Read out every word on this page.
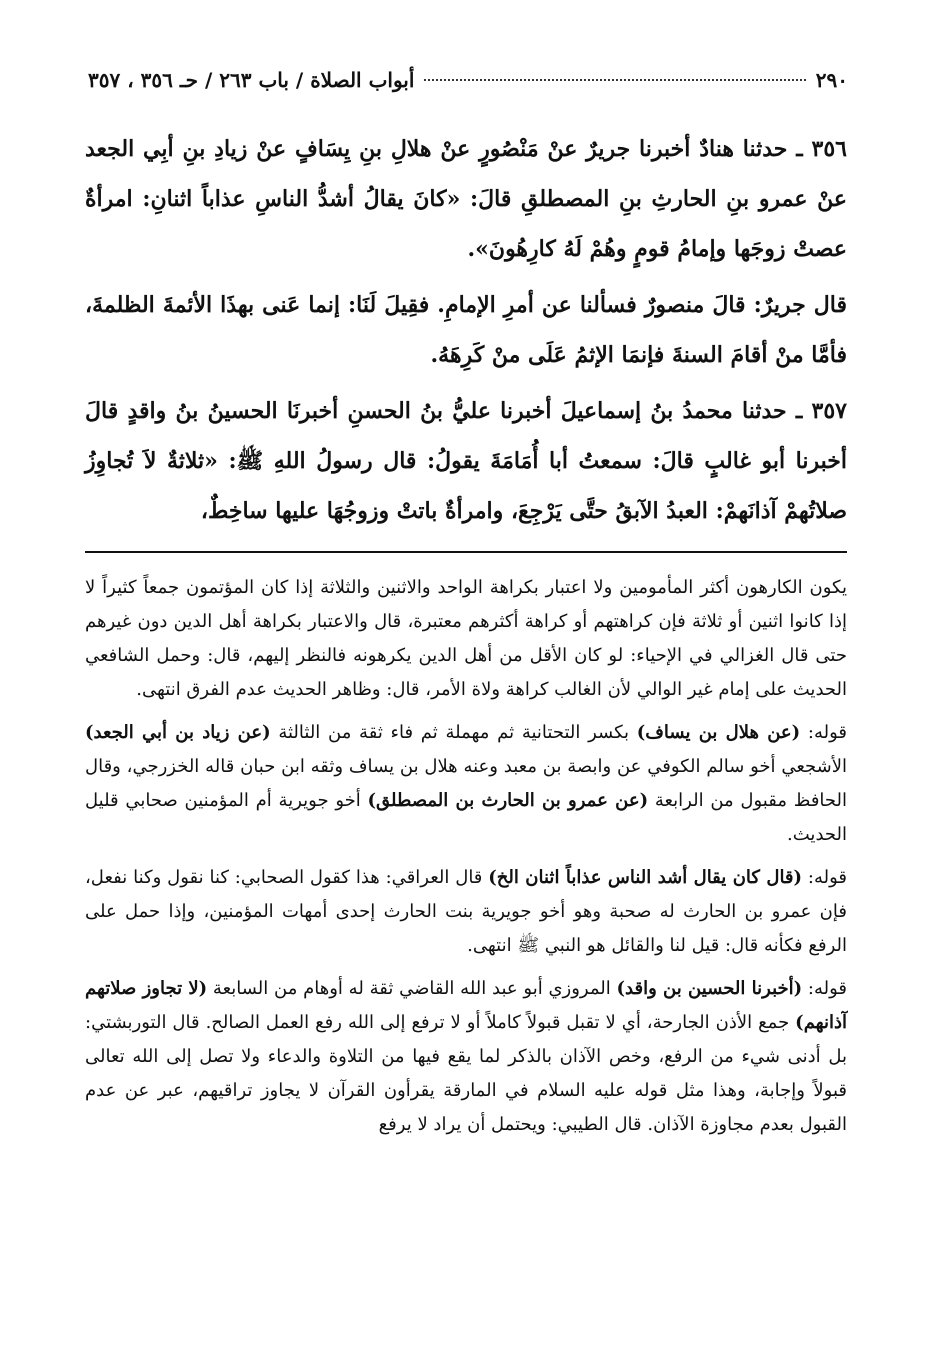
٢٩٠
أبواب الصلاة / باب ٢٦٣ / حـ ٣٥٦ ، ٣٥٧

٣٥٦ ـ حدثنا هنادٌ أخبرنا جريرٌ عنْ مَنْصُورٍ عنْ هلالِ بنِ يِسَافٍ عنْ زيادِ بنِ أبِي الجعد عنْ عمرو بنِ الحارثِ بنِ المصطلقِ قالَ: «كانَ يقالُ أشدُّ الناسِ عذاباً اثنانِ: امرأةٌ عصتْ زوجَها وإمامُ قومٍ وهُمْ لَهُ كارِهُونَ».

قال جريرٌ: قالَ منصورٌ فسألنا عن أمرِ الإمامِ. فقِيلَ لَنَا: إنما عَنى بهذَا الأئمةَ الظلمةَ، فأمَّا منْ أقامَ السنةَ فإنمَا الإثمُ عَلَى منْ كَرِهَهُ.

٣٥٧ ـ حدثنا محمدُ بنُ إسماعيلَ أخبرنا عليُّ بنُ الحسنِ أخبرنَا الحسينُ بنُ واقدٍ قالَ أخبرنا أبو غالبٍ قالَ: سمعتُ أبا أُمَامَةَ يقولُ: قال رسولُ اللهِ ﷺ: «ثلاثةٌ لاَ تُجاوِزُ صلاتُهمْ آذانَهمْ: العبدُ الآبقُ حتَّى يَرْجِعَ، وامرأةٌ باتتْ وزوجُهَا عليها ساخِطٌ،

يكون الكارهون أكثر المأمومين ولا اعتبار بكراهة الواحد والاثنين والثلاثة إذا كان المؤتمون جمعاً كثيراً لا إذا كانوا اثنين أو ثلاثة فإن كراهتهم أو كراهة أكثرهم معتبرة، قال والاعتبار بكراهة أهل الدين دون غيرهم حتى قال الغزالي في الإحياء: لو كان الأقل من أهل الدين يكرهونه فالنظر إليهم، قال: وحمل الشافعي الحديث على إمام غير الوالي لأن الغالب كراهة ولاة الأمر، قال: وظاهر الحديث عدم الفرق انتهى.

قوله: (عن هلال بن يساف) بكسر التحتانية ثم مهملة ثم فاء ثقة من الثالثة (عن زياد بن أبي الجعد) الأشجعي أخو سالم الكوفي عن وابصة بن معبد وعنه هلال بن يساف وثقه ابن حبان قاله الخزرجي، وقال الحافظ مقبول من الرابعة (عن عمرو بن الحارث بن المصطلق) أخو جويرية أم المؤمنين صحابي قليل الحديث.

قوله: (قال كان يقال أشد الناس عذاباً اثنان الخ) قال العراقي: هذا كقول الصحابي: كنا نقول وكنا نفعل، فإن عمرو بن الحارث له صحبة وهو أخو جويرية بنت الحارث إحدى أمهات المؤمنين، وإذا حمل على الرفع فكأنه قال: قيل لنا والقائل هو النبي ﷺ انتهى.

قوله: (أخبرنا الحسين بن واقد) المروزي أبو عبد الله القاضي ثقة له أوهام من السابعة (لا تجاوز صلاتهم آذانهم) جمع الأذن الجارحة، أي لا تقبل قبولاً كاملاً أو لا ترفع إلى الله رفع العمل الصالح. قال التوربشتي: بل أدنى شيء من الرفع، وخص الآذان بالذكر لما يقع فيها من التلاوة والدعاء ولا تصل إلى الله تعالى قبولاً وإجابة، وهذا مثل قوله عليه السلام في المارقة يقرأون القرآن لا يجاوز تراقيهم، عبر عن عدم القبول بعدم مجاوزة الآذان. قال الطيبي: ويحتمل أن يراد لا يرفع
